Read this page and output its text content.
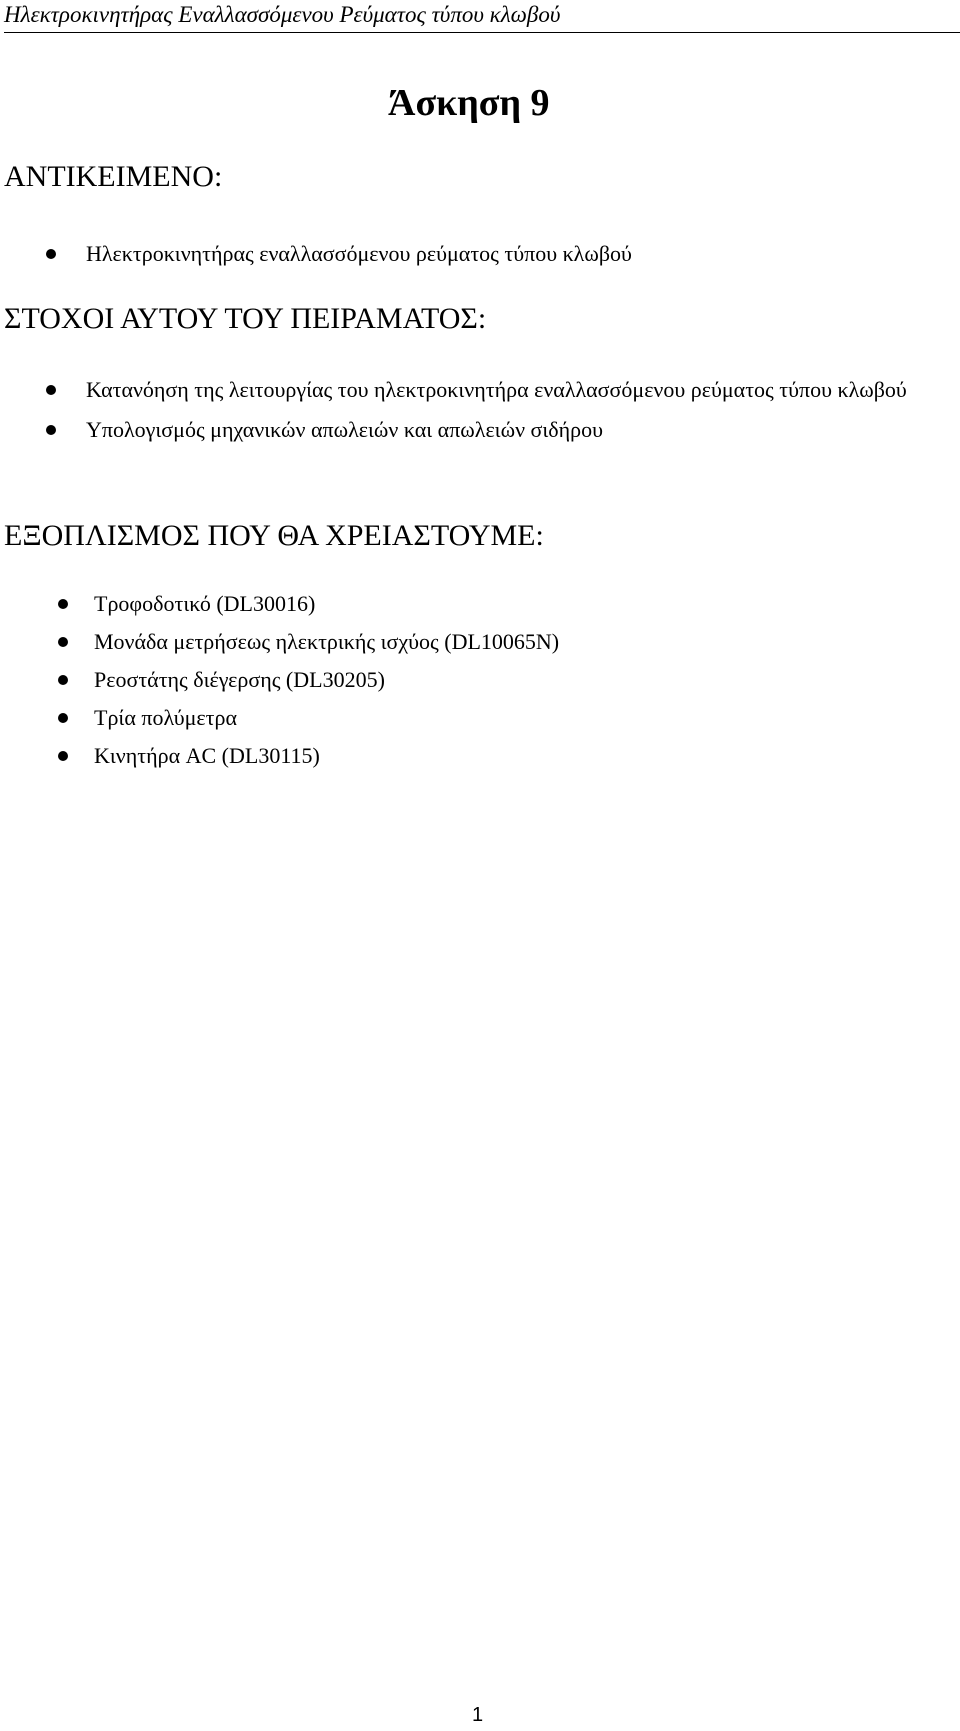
Ηλεκτροκινητήρας Εναλλασσόμενου Ρεύματος τύπου κλωβού
Άσκηση 9
ΑΝΤΙΚΕΙΜΕΝΟ:
Ηλεκτροκινητήρας εναλλασσόμενου ρεύματος τύπου κλωβού
ΣΤΟΧΟΙ ΑΥΤΟΥ ΤΟΥ ΠΕΙΡΑΜΑΤΟΣ:
Κατανόηση της λειτουργίας του ηλεκτροκινητήρα εναλλασσόμενου ρεύματος τύπου κλωβού
Υπολογισμός μηχανικών απωλειών και απωλειών σιδήρου
ΕΞΟΠΛΙΣΜΟΣ ΠΟΥ ΘΑ ΧΡΕΙΑΣΤΟΥΜΕ:
Τροφοδοτικό (DL30016)
Μονάδα μετρήσεως ηλεκτρικής ισχύος (DL10065N)
Ρεοστάτης διέγερσης (DL30205)
Τρία πολύμετρα
Κινητήρα AC (DL30115)
1
